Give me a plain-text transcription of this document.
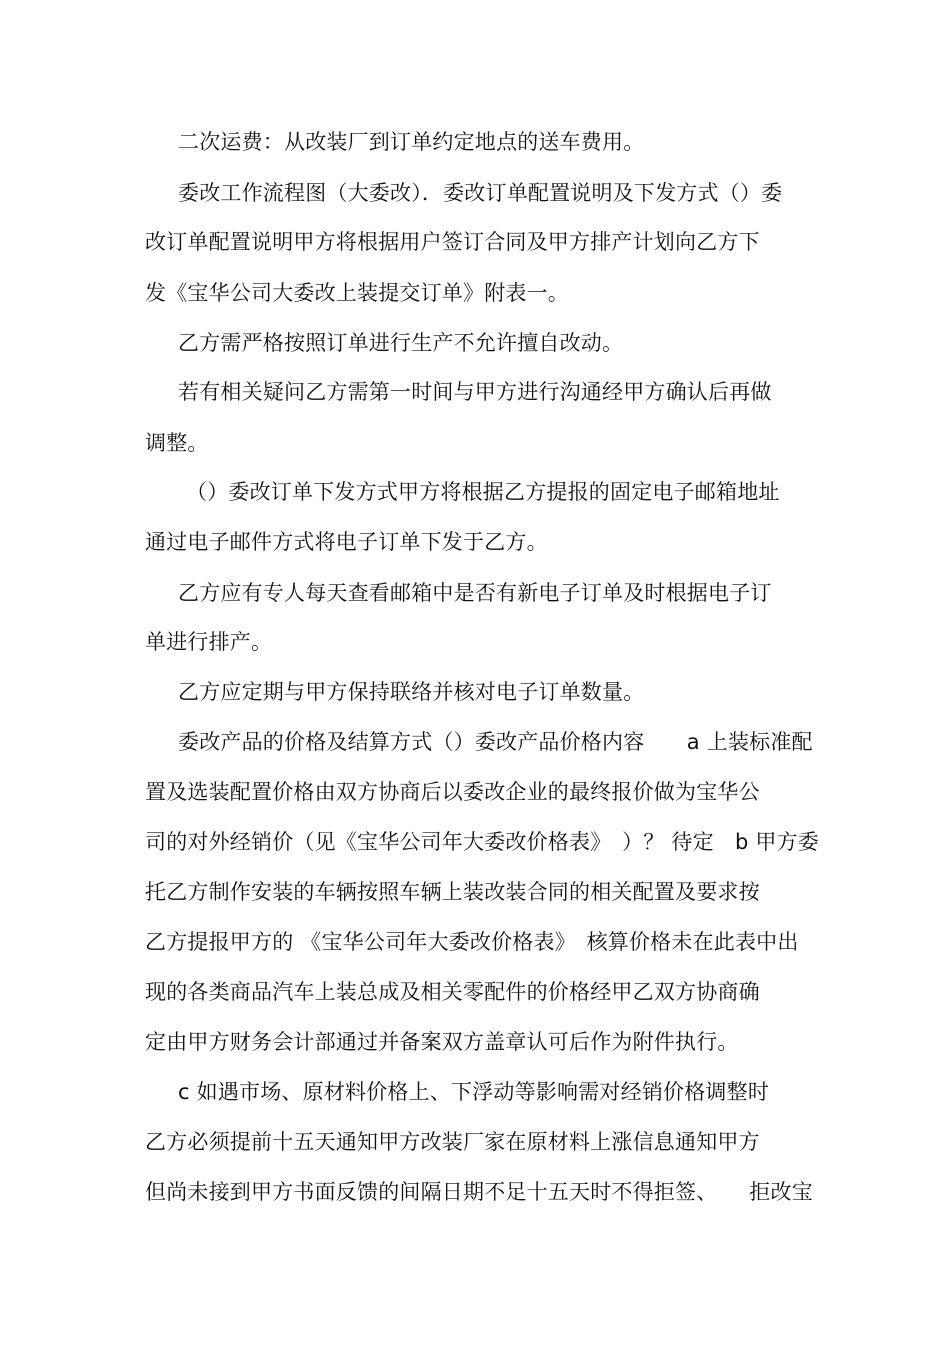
二次运费：从改装厂到订单约定地点的送车费用。
委改工作流程图（大委改）．委改订单配置说明及下发方式（）委
改订单配置说明甲方将根据用户签订合同及甲方排产计划向乙方下
发《宝华公司大委改上装提交订单》附表一。
乙方需严格按照订单进行生产不允许擅自改动。
若有相关疑问乙方需第一时间与甲方进行沟通经甲方确认后再做
调整。
（）委改订单下发方式甲方将根据乙方提报的固定电子邮箱地址
通过电子邮件方式将电子订单下发于乙方。
乙方应有专人每天查看邮箱中是否有新电子订单及时根据电子订
单进行排产。
乙方应定期与甲方保持联络并核对电子订单数量。
委改产品的价格及结算方式（）委改产品价格内容　　a 上装标准配
置及选装配置价格由双方协商后以委改企业的最终报价做为宝华公
司的对外经销价（见《宝华公司年大委改价格表》　）？ 待定　b 甲方委
托乙方制作安装的车辆按照车辆上装改装合同的相关配置及要求按
乙方提报甲方的 《宝华公司年大委改价格表》　核算价格未在此表中出
现的各类商品汽车上装总成及相关零配件的价格经甲乙双方协商确
定由甲方财务会计部通过并备案双方盖章认可后作为附件执行。
c 如遇市场、原材料价格上、下浮动等影响需对经销价格调整时
乙方必须提前十五天通知甲方改装厂家在原材料上涨信息通知甲方
但尚未接到甲方书面反馈的间隔日期不足十五天时不得拒签、　　拒改宝
